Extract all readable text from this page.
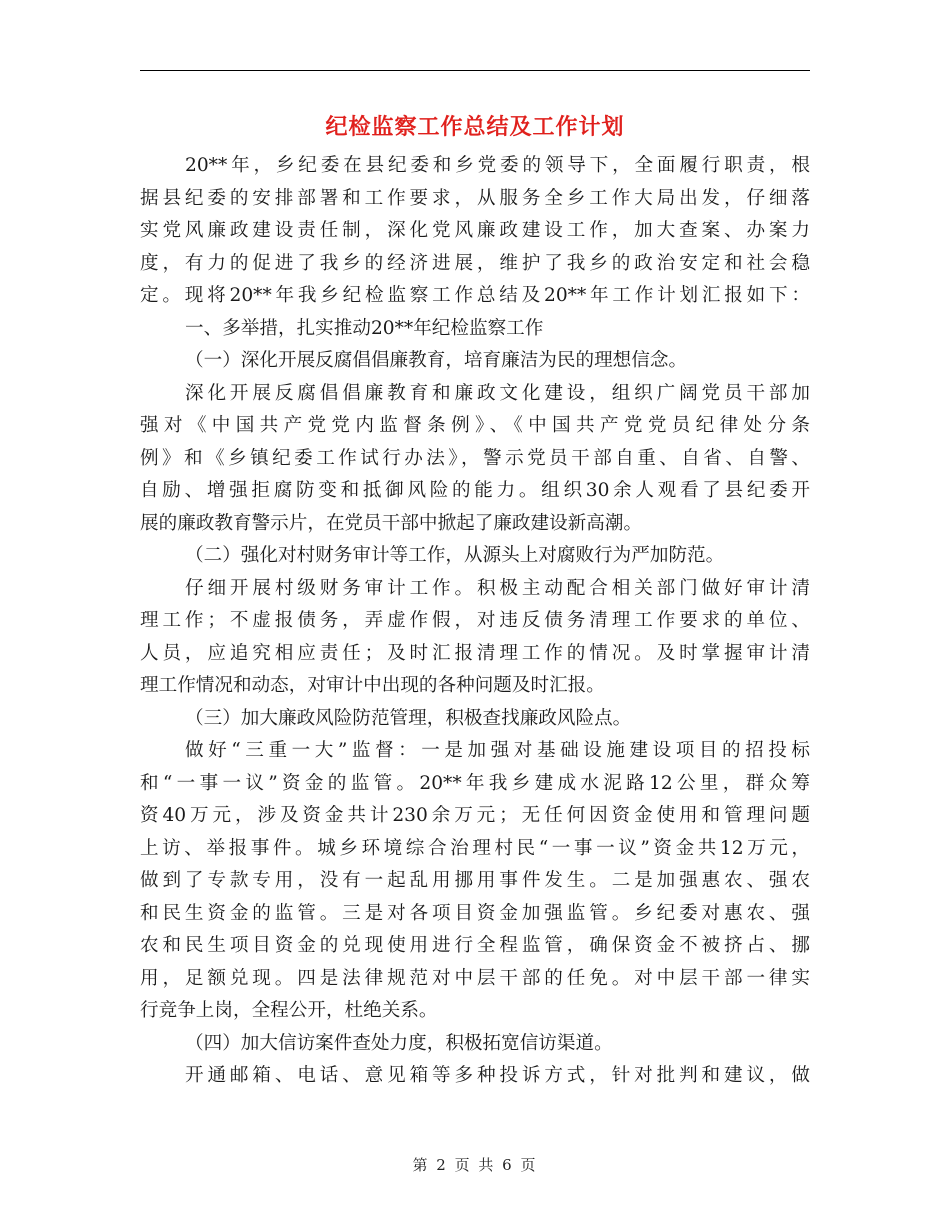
纪检监察工作总结及工作计划
20**年，乡纪委在县纪委和乡党委的领导下，全面履行职责，根
据县纪委的安排部署和工作要求，从服务全乡工作大局出发，仔细落
实党风廉政建设责任制，深化党风廉政建设工作，加大查案、办案力
度，有力的促进了我乡的经济进展，维护了我乡的政治安定和社会稳
定。现将20**年我乡纪检监察工作总结及20**年工作计划汇报如下：
一、多举措，扎实推动20**年纪检监察工作
（一）深化开展反腐倡倡廉教育，培育廉洁为民的理想信念。
深化开展反腐倡倡廉教育和廉政文化建设，组织广阔党员干部加
强对《中国共产党党内监督条例》、《中国共产党党员纪律处分条
例》和《乡镇纪委工作试行办法》，警示党员干部自重、自省、自警、
自励、增强拒腐防变和抵御风险的能力。组织30余人观看了县纪委开
展的廉政教育警示片，在党员干部中掀起了廉政建设新高潮。
（二）强化对村财务审计等工作，从源头上对腐败行为严加防范。
仔细开展村级财务审计工作。积极主动配合相关部门做好审计清
理工作；不虚报债务，弄虚作假，对违反债务清理工作要求的单位、
人员，应追究相应责任；及时汇报清理工作的情况。及时掌握审计清
理工作情况和动态，对审计中出现的各种问题及时汇报。
（三）加大廉政风险防范管理，积极查找廉政风险点。
做好“三重一大”监督：一是加强对基础设施建设项目的招投标
和“一事一议”资金的监管。20**年我乡建成水泥路12公里，群众筹
资40万元，涉及资金共计230余万元；无任何因资金使用和管理问题
上访、举报事件。城乡环境综合治理村民“一事一议”资金共12万元，
做到了专款专用，没有一起乱用挪用事件发生。二是加强惠农、强农
和民生资金的监管。三是对各项目资金加强监管。乡纪委对惠农、强
农和民生项目资金的兑现使用进行全程监管，确保资金不被挤占、挪
用，足额兑现。四是法律规范对中层干部的任免。对中层干部一律实
行竞争上岗，全程公开，杜绝关系。
（四）加大信访案件查处力度，积极拓宽信访渠道。
开通邮箱、电话、意见箱等多种投诉方式，针对批判和建议，做
第 2 页 共 6 页
